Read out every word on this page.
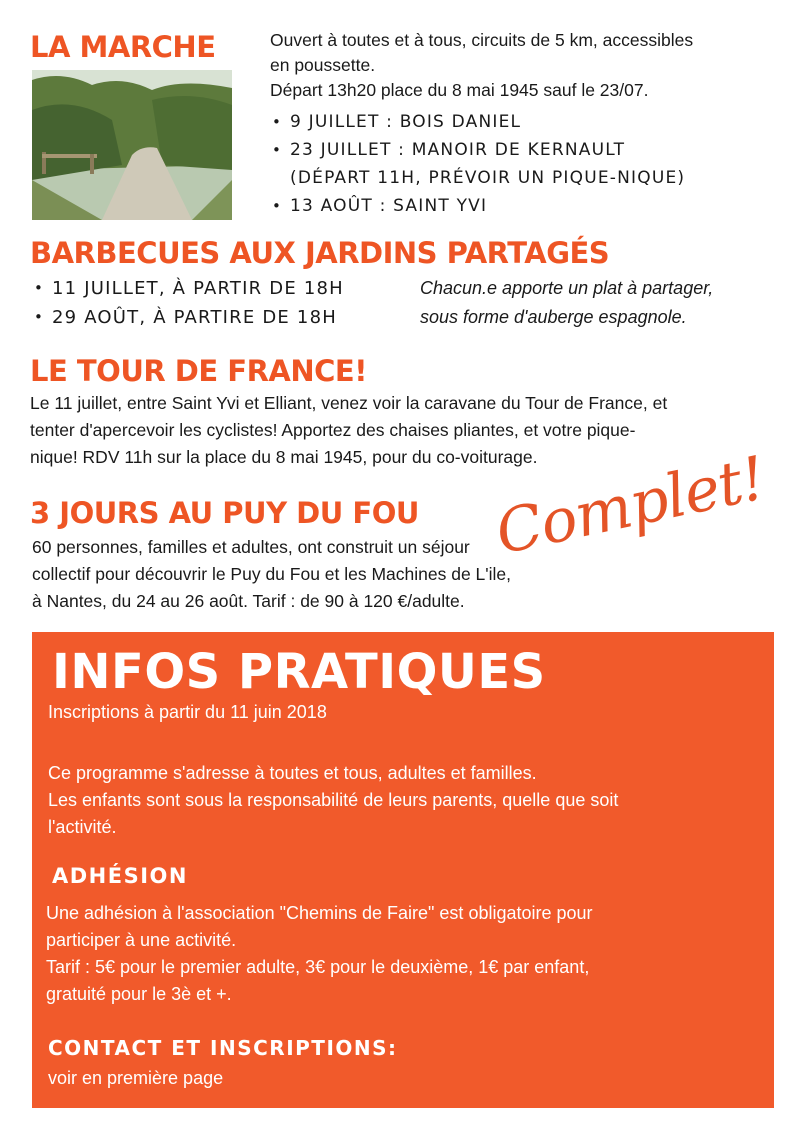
LA MARCHE	Ouvert à toutes et à tous, circuits de 5 km, accessibles
en poussette.
Départ 13h20 place du 8 mai 1945 sauf le 23/07.
• 9 JUILLET : BOIS DANIEL
• 23 JUILLET : MANOIR DE KERNAULT
(DÉPART 11H, PRÉVOIR UN PIQUE-NIQUE)
• 13 AOÛT : SAINT YVI
BARBECUES AUX JARDINS PARTAGÉS
• 11 JUILLET, À PARTIR DE 18H
• 29 AOÛT, À PARTIRE DE 18H
Chacun.e apporte un plat à partager,
sous forme d'auberge espagnole.
LE TOUR DE FRANCE!
Le 11 juillet, entre Saint Yvi et Elliant, venez voir la caravane du Tour de France, et
tenter d'apercevoir les cyclistes! Apportez des chaises pliantes, et votre pique-
nique! RDV 11h sur la place du 8 mai 1945, pour du co-voiturage.
3 JOURS AU PUY DU FOU
60 personnes, familles et adultes, ont construit un séjour
collectif pour découvrir le Puy du Fou et les Machines de L'ile,
à Nantes, du 24 au 26 août. Tarif : de 90 à 120 €/adulte.
Complet!
INFOS PRATIQUES
Inscriptions à partir du 11 juin 2018
Ce programme s'adresse à toutes et tous, adultes et familles.
Les enfants sont sous la responsabilité de leurs parents, quelle que soit
l'activité.
ADHÉSION
Une adhésion à l'association "Chemins de Faire" est obligatoire pour
participer à une activité.
Tarif : 5€ pour le premier adulte, 3€ pour le deuxième, 1€ par enfant,
gratuité pour le 3è et +.
CONTACT ET INSCRIPTIONS:
voir en première page
